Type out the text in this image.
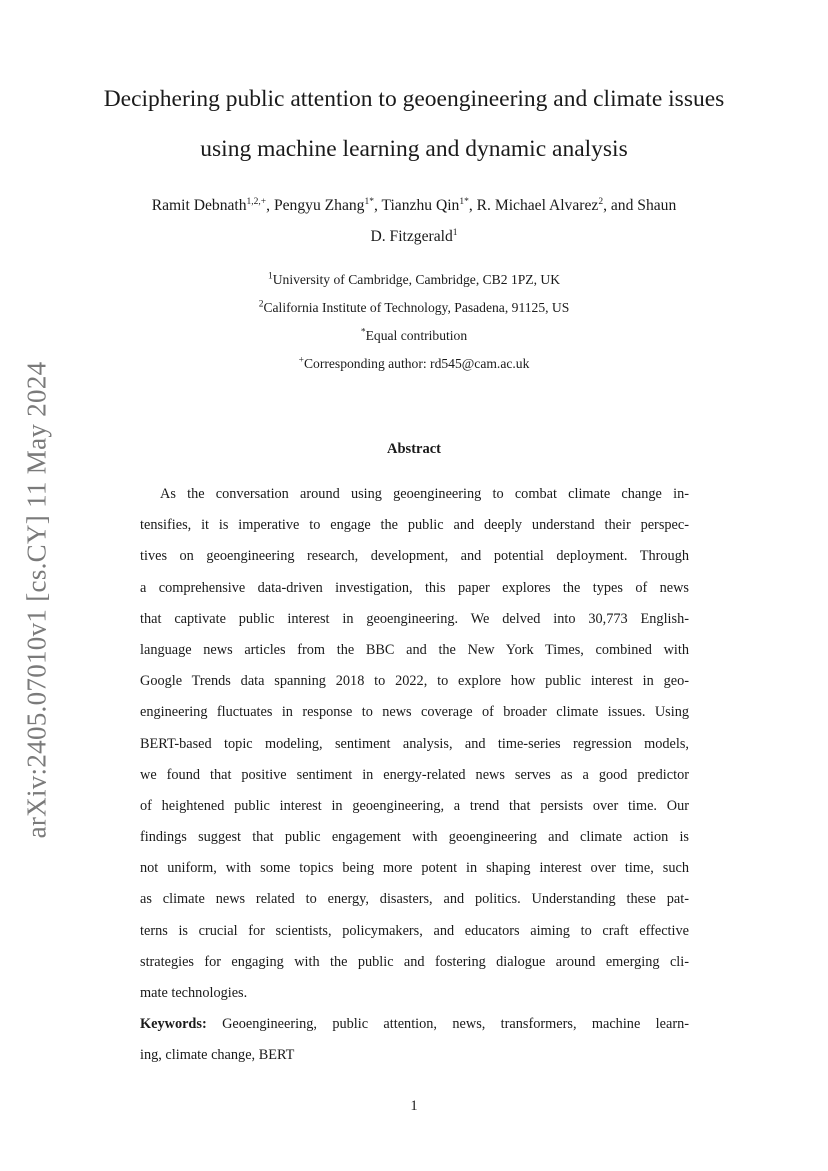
arXiv:2405.07010v1 [cs.CY] 11 May 2024
Deciphering public attention to geoengineering and climate issues
using machine learning and dynamic analysis
Ramit Debnath$^{1,2,+}$, Pengyu Zhang$^{1*}$, Tianzhu Qin$^{1*}$, R. Michael Alvarez$^2$, and Shaun
D. Fitzgerald$^1$
$^1$University of Cambridge, Cambridge, CB2 1PZ, UK
$^2$California Institute of Technology, Pasadena, 91125, US
*Equal contribution
+Corresponding author: rd545@cam.ac.uk
Abstract
As the conversation around using geoengineering to combat climate change in-
tensifies, it is imperative to engage the public and deeply understand their perspec-
tives on geoengineering research, development, and potential deployment. Through
a comprehensive data-driven investigation, this paper explores the types of news
that captivate public interest in geoengineering. We delved into 30,773 English-
language news articles from the BBC and the New York Times, combined with
Google Trends data spanning 2018 to 2022, to explore how public interest in geo-
engineering fluctuates in response to news coverage of broader climate issues. Using
BERT-based topic modeling, sentiment analysis, and time-series regression models,
we found that positive sentiment in energy-related news serves as a good predictor
of heightened public interest in geoengineering, a trend that persists over time. Our
findings suggest that public engagement with geoengineering and climate action is
not uniform, with some topics being more potent in shaping interest over time, such
as climate news related to energy, disasters, and politics. Understanding these pat-
terns is crucial for scientists, policymakers, and educators aiming to craft effective
strategies for engaging with the public and fostering dialogue around emerging cli-
mate technologies.
Keywords: Geoengineering, public attention, news, transformers, machine learn-
ing, climate change, BERT
1
